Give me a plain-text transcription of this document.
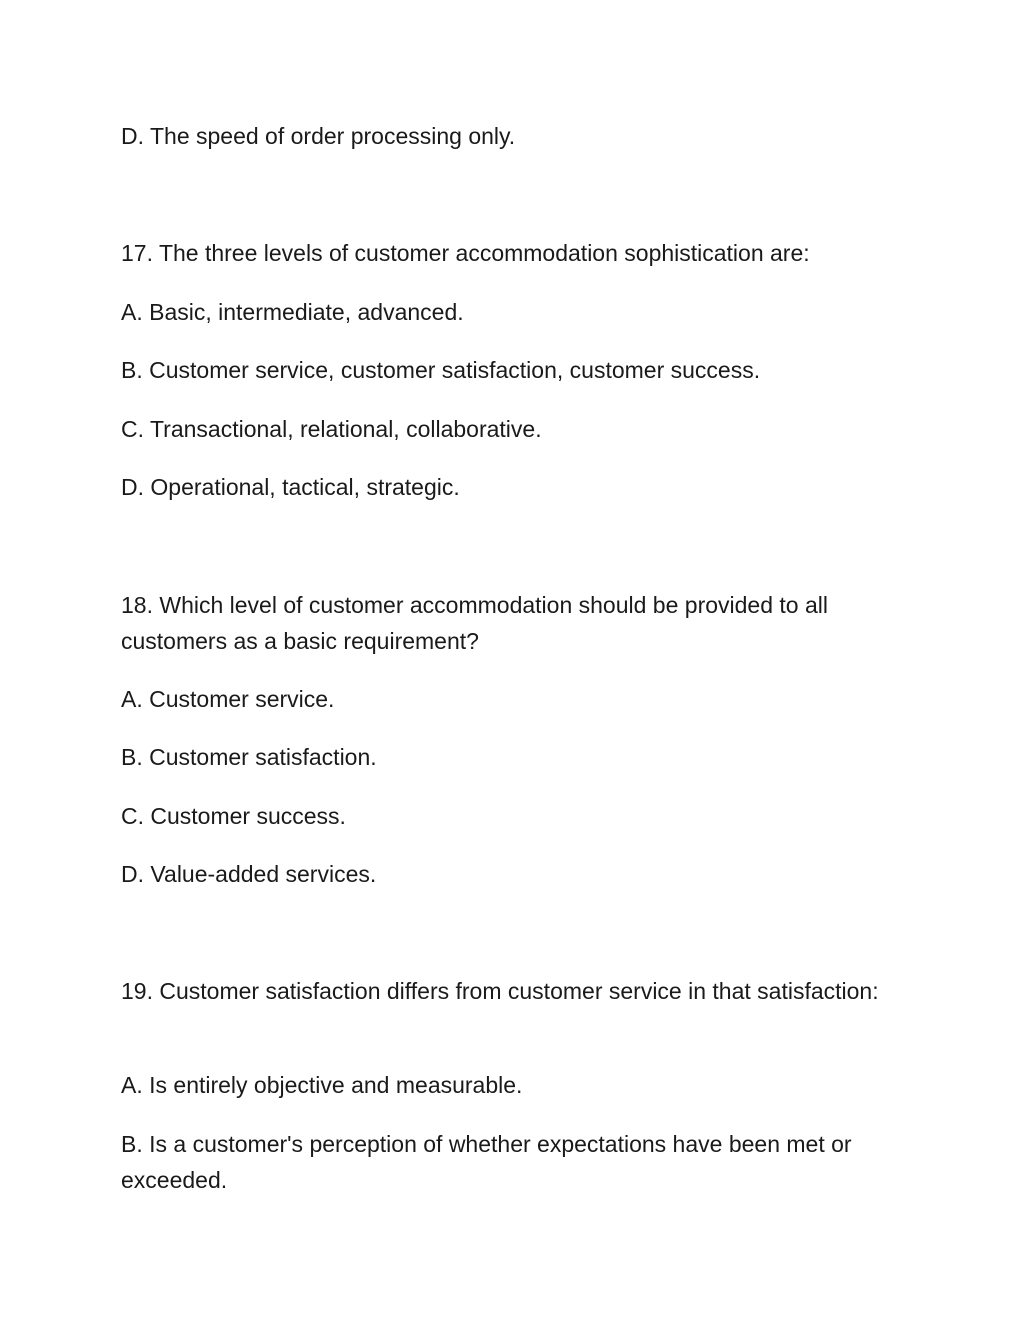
D. The speed of order processing only.
17. The three levels of customer accommodation sophistication are:
A. Basic, intermediate, advanced.
B. Customer service, customer satisfaction, customer success.
C. Transactional, relational, collaborative.
D. Operational, tactical, strategic.
18. Which level of customer accommodation should be provided to all customers as a basic requirement?
A. Customer service.
B. Customer satisfaction.
C. Customer success.
D. Value-added services.
19. Customer satisfaction differs from customer service in that satisfaction:
A. Is entirely objective and measurable.
B. Is a customer's perception of whether expectations have been met or exceeded.
